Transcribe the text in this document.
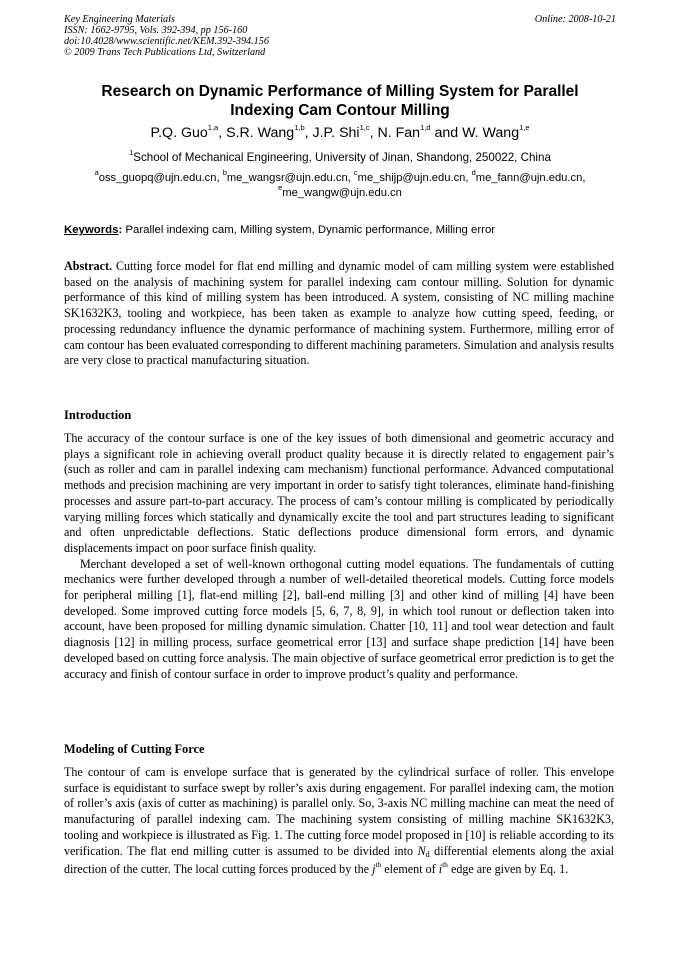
Key Engineering Materials
ISSN: 1662-9795, Vols. 392-394, pp 156-160
doi:10.4028/www.scientific.net/KEM.392-394.156
© 2009 Trans Tech Publications Ltd, Switzerland
Online: 2008-10-21
Research on Dynamic Performance of Milling System for Parallel
Indexing Cam Contour Milling
P.Q. Guo$^{1,a}$, S.R. Wang$^{1,b}$, J.P. Shi$^{1,c}$, N. Fan$^{1,d}$ and W. Wang$^{1,e}$
$^1$School of Mechanical Engineering, University of Jinan, Shandong, 250022, China
$^a$oss_guopq@ujn.edu.cn, $^b$me_wangsr@ujn.edu.cn, $^c$me_shijp@ujn.edu.cn, $^d$me_fann@ujn.edu.cn,
$^e$me_wangw@ujn.edu.cn
Keywords: Parallel indexing cam, Milling system, Dynamic performance, Milling error
Abstract. Cutting force model for flat end milling and dynamic model of cam milling system were established based on the analysis of machining system for parallel indexing cam contour milling. Solution for dynamic performance of this kind of milling system has been introduced. A system, consisting of NC milling machine SK1632K3, tooling and workpiece, has been taken as example to analyze how cutting speed, feeding, or processing redundancy influence the dynamic performance of machining system. Furthermore, milling error of cam contour has been evaluated corresponding to different machining parameters. Simulation and analysis results are very close to practical manufacturing situation.
Introduction

The accuracy of the contour surface is one of the key issues of both dimensional and geometric accuracy and plays a significant role in achieving overall product quality because it is directly related to engagement pair’s (such as roller and cam in parallel indexing cam mechanism) functional performance. Advanced computational methods and precision machining are very important in order to satisfy tight tolerances, eliminate hand-finishing processes and assure part-to-part accuracy. The process of cam’s contour milling is complicated by periodically varying milling forces which statically and dynamically excite the tool and part structures leading to significant and often unpredictable deflections. Static deflections produce dimensional form errors, and dynamic displacements impact on poor surface finish quality.

Merchant developed a set of well-known orthogonal cutting model equations. The fundamentals of cutting mechanics were further developed through a number of well-detailed theoretical models. Cutting force models for peripheral milling [1], flat-end milling [2], ball-end milling [3] and other kind of milling [4] have been developed. Some improved cutting force models [5, 6, 7, 8, 9], in which tool runout or deflection taken into account, have been proposed for milling dynamic simulation. Chatter [10, 11] and tool wear detection and fault diagnosis [12] in milling process, surface geometrical error [13] and surface shape prediction [14] have been developed based on cutting force analysis. The main objective of surface geometrical error prediction is to get the accuracy and finish of contour surface in order to improve product’s quality and performance.

Modeling of Cutting Force

The contour of cam is envelope surface that is generated by the cylindrical surface of roller. This envelope surface is equidistant to surface swept by roller’s axis during engagement. For parallel indexing cam, the motion of roller’s axis (axis of cutter as machining) is parallel only. So, 3-axis NC milling machine can meat the need of manufacturing of parallel indexing cam. The machining system consisting of milling machine SK1632K3, tooling and workpiece is illustrated as Fig. 1. The cutting force model proposed in [10] is reliable according to its verification. The flat end milling cutter is assumed to be divided into $N_d$ differential elements along the axial direction of the cutter. The local cutting forces produced by the $j^{th}$ element of $i^{th}$ edge are given by Eq. 1.
